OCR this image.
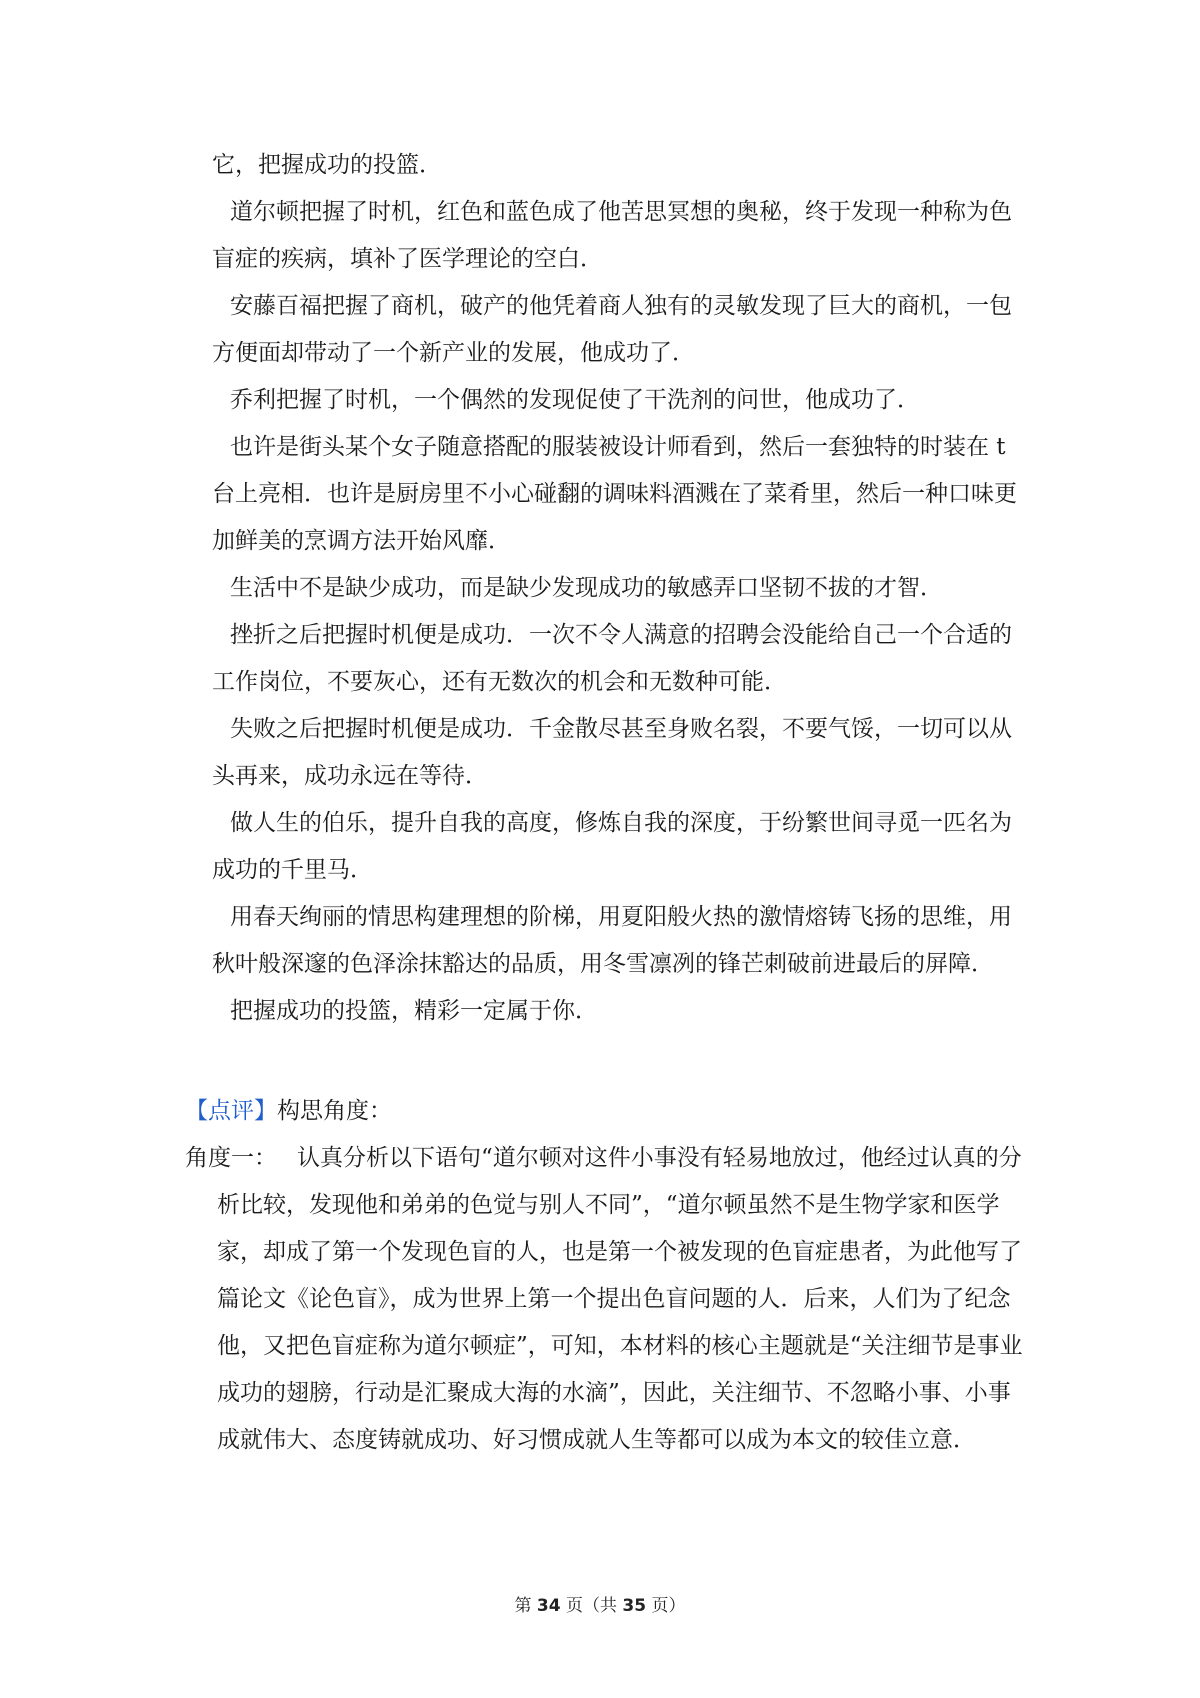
它，把握成功的投篮．

道尔顿把握了时机，红色和蓝色成了他苦思冥想的奥秘，终于发现一种称为色盲症的疾病，填补了医学理论的空白．

安藤百福把握了商机，破产的他凭着商人独有的灵敏发现了巨大的商机，一包方便面却带动了一个新产业的发展，他成功了．

乔利把握了时机，一个偶然的发现促使了干洗剂的问世，他成功了．

也许是街头某个女子随意搭配的服装被设计师看到，然后一套独特的时装在 t 台上亮相．也许是厨房里不小心碰翻的调味料酒溅在了菜肴里，然后一种口味更加鲜美的烹调方法开始风靡．

生活中不是缺少成功，而是缺少发现成功的敏感弄口坚韧不拔的才智．

挫折之后把握时机便是成功．一次不令人满意的招聘会没能给自己一个合适的工作岗位，不要灰心，还有无数次的机会和无数种可能．

失败之后把握时机便是成功．千金散尽甚至身败名裂，不要气馁，一切可以从头再来，成功永远在等待．

做人生的伯乐，提升自我的高度，修炼自我的深度，于纷繁世间寻觅一匹名为成功的千里马．

用春天绚丽的情思构建理想的阶梯，用夏阳般火热的激情熔铸飞扬的思维，用秋叶般深邃的色泽涂抹豁达的品质，用冬雪凛冽的锋芒刺破前进最后的屏障．

把握成功的投篮，精彩一定属于你．

【点评】构思角度：
角度一： 认真分析以下语句“道尔顿对这件小事没有轻易地放过，他经过认真的分析比较，发现他和弟弟的色觉与别人不同”，“道尔顿虽然不是生物学家和医学家，却成了第一个发现色盲的人，也是第一个被发现的色盲症患者，为此他写了篇论文《论色盲》，成为世界上第一个提出色盲问题的人．后来，人们为了纪念他，又把色盲症称为道尔顿症”，可知，本材料的核心主题就是“关注细节是事业成功的翅膀，行动是汇聚成大海的水滴”，因此，关注细节、不忽略小事、小事成就伟大、态度铸就成功、好习惯成就人生等都可以成为本文的较佳立意．
第 34 页（共 35 页）
